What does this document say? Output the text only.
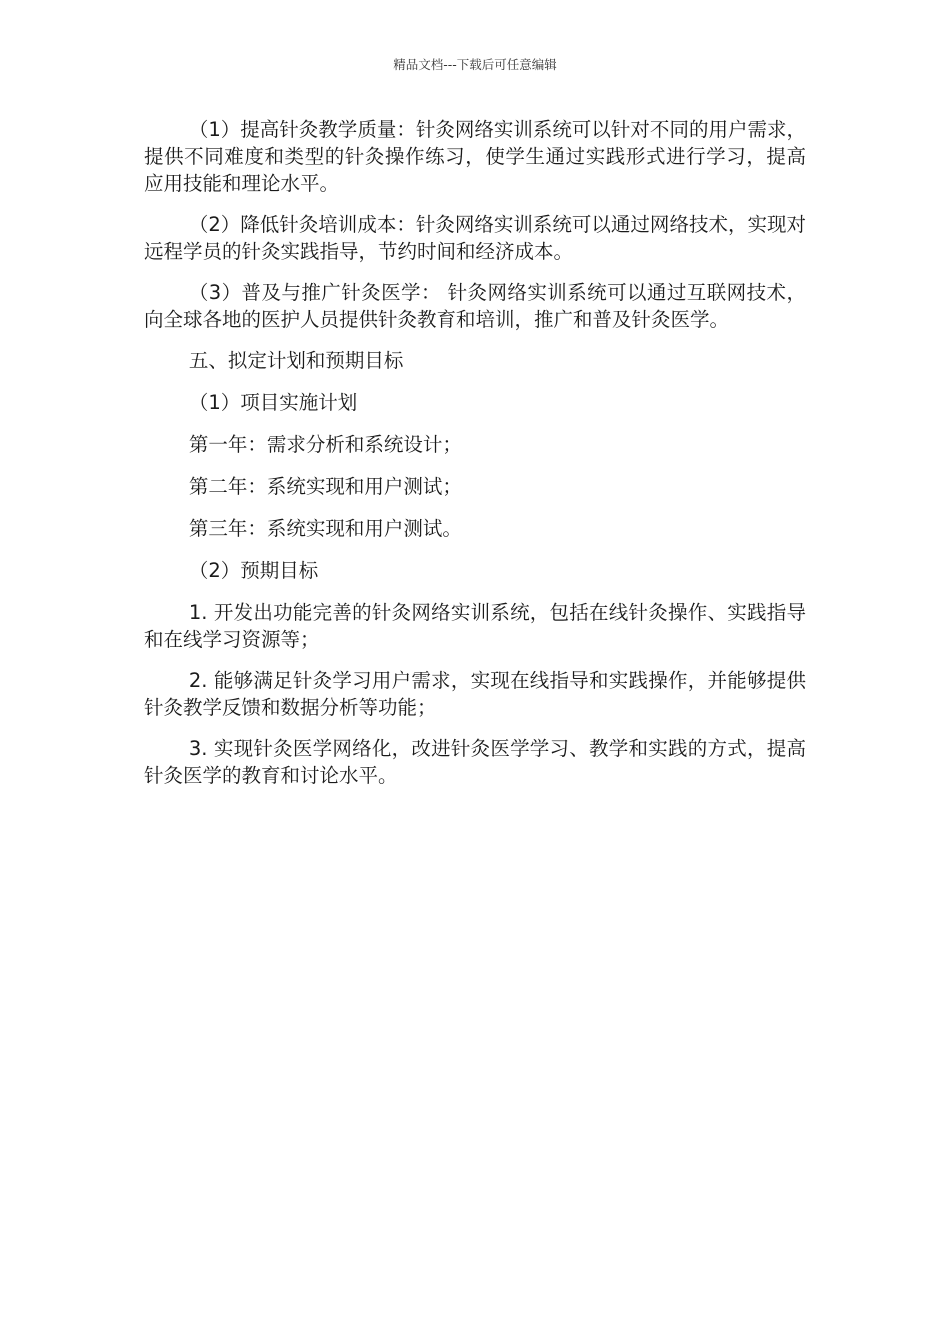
精品文档---下载后可任意编辑

（1）提高针灸教学质量：针灸网络实训系统可以针对不同的用户需求，提供不同难度和类型的针灸操作练习，使学生通过实践形式进行学习，提高应用技能和理论水平。

（2）降低针灸培训成本：针灸网络实训系统可以通过网络技术，实现对远程学员的针灸实践指导，节约时间和经济成本。

（3）普及与推广针灸医学： 针灸网络实训系统可以通过互联网技术，向全球各地的医护人员提供针灸教育和培训，推广和普及针灸医学。

五、拟定计划和预期目标

（1）项目实施计划

第一年：需求分析和系统设计；

第二年：系统实现和用户测试；

第三年：系统实现和用户测试。

（2）预期目标

1. 开发出功能完善的针灸网络实训系统，包括在线针灸操作、实践指导和在线学习资源等；

2. 能够满足针灸学习用户需求，实现在线指导和实践操作，并能够提供针灸教学反馈和数据分析等功能；

3. 实现针灸医学网络化，改进针灸医学学习、教学和实践的方式，提高针灸医学的教育和讨论水平。
